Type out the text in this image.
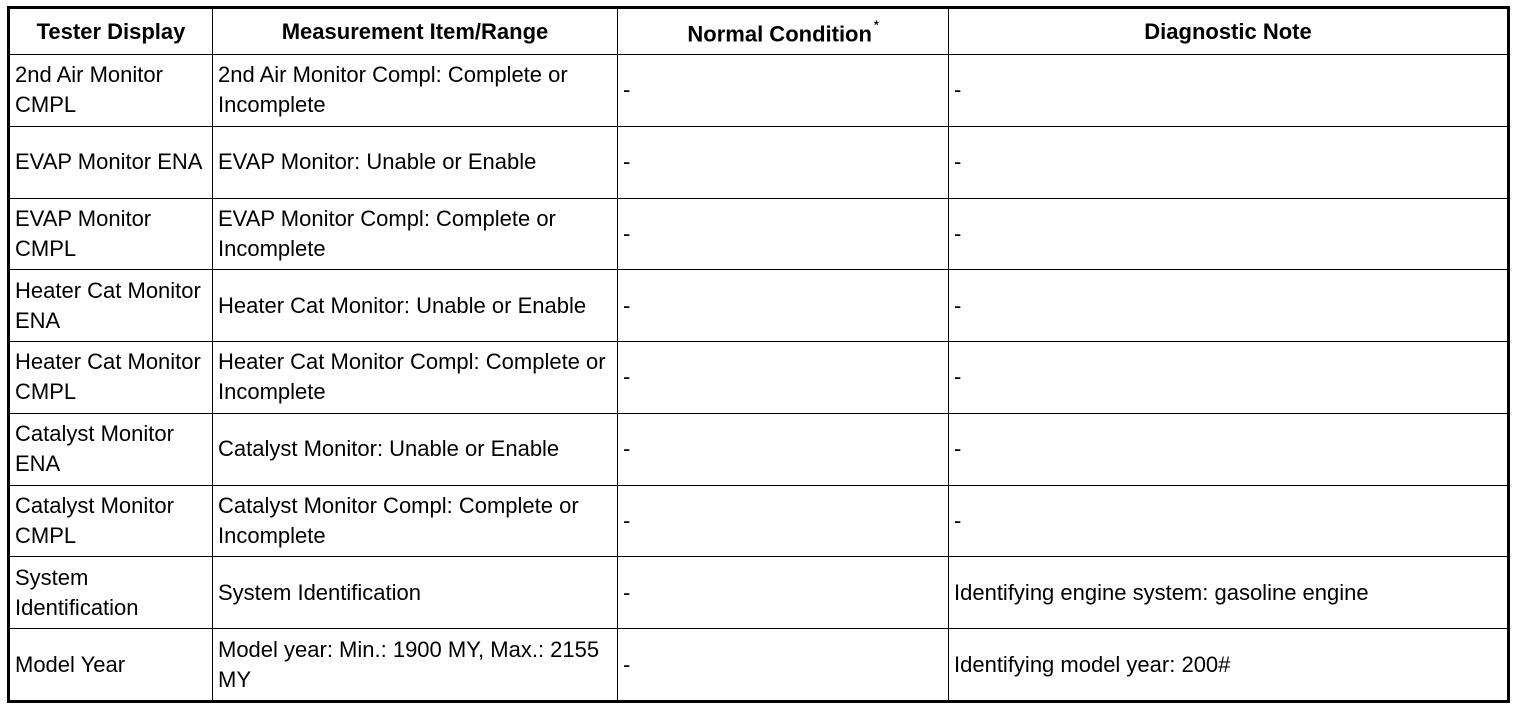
Tester Display	Measurement Item/Range	Normal Condition *	Diagnostic Note
2nd Air Monitor CMPL	2nd Air Monitor Compl: Complete or Incomplete	-	-
EVAP Monitor ENA	EVAP Monitor: Unable or Enable	-	-
EVAP Monitor CMPL	EVAP Monitor Compl: Complete or Incomplete	-	-
Heater Cat Monitor ENA	Heater Cat Monitor: Unable or Enable	-	-
Heater Cat Monitor CMPL	Heater Cat Monitor Compl: Complete or Incomplete	-	-
Catalyst Monitor ENA	Catalyst Monitor: Unable or Enable	-	-
Catalyst Monitor CMPL	Catalyst Monitor Compl: Complete or Incomplete	-	-
System Identification	System Identification	-	Identifying engine system: gasoline engine
Model Year	Model year: Min.: 1900 MY, Max.: 2155 MY	-	Identifying model year: 200#
